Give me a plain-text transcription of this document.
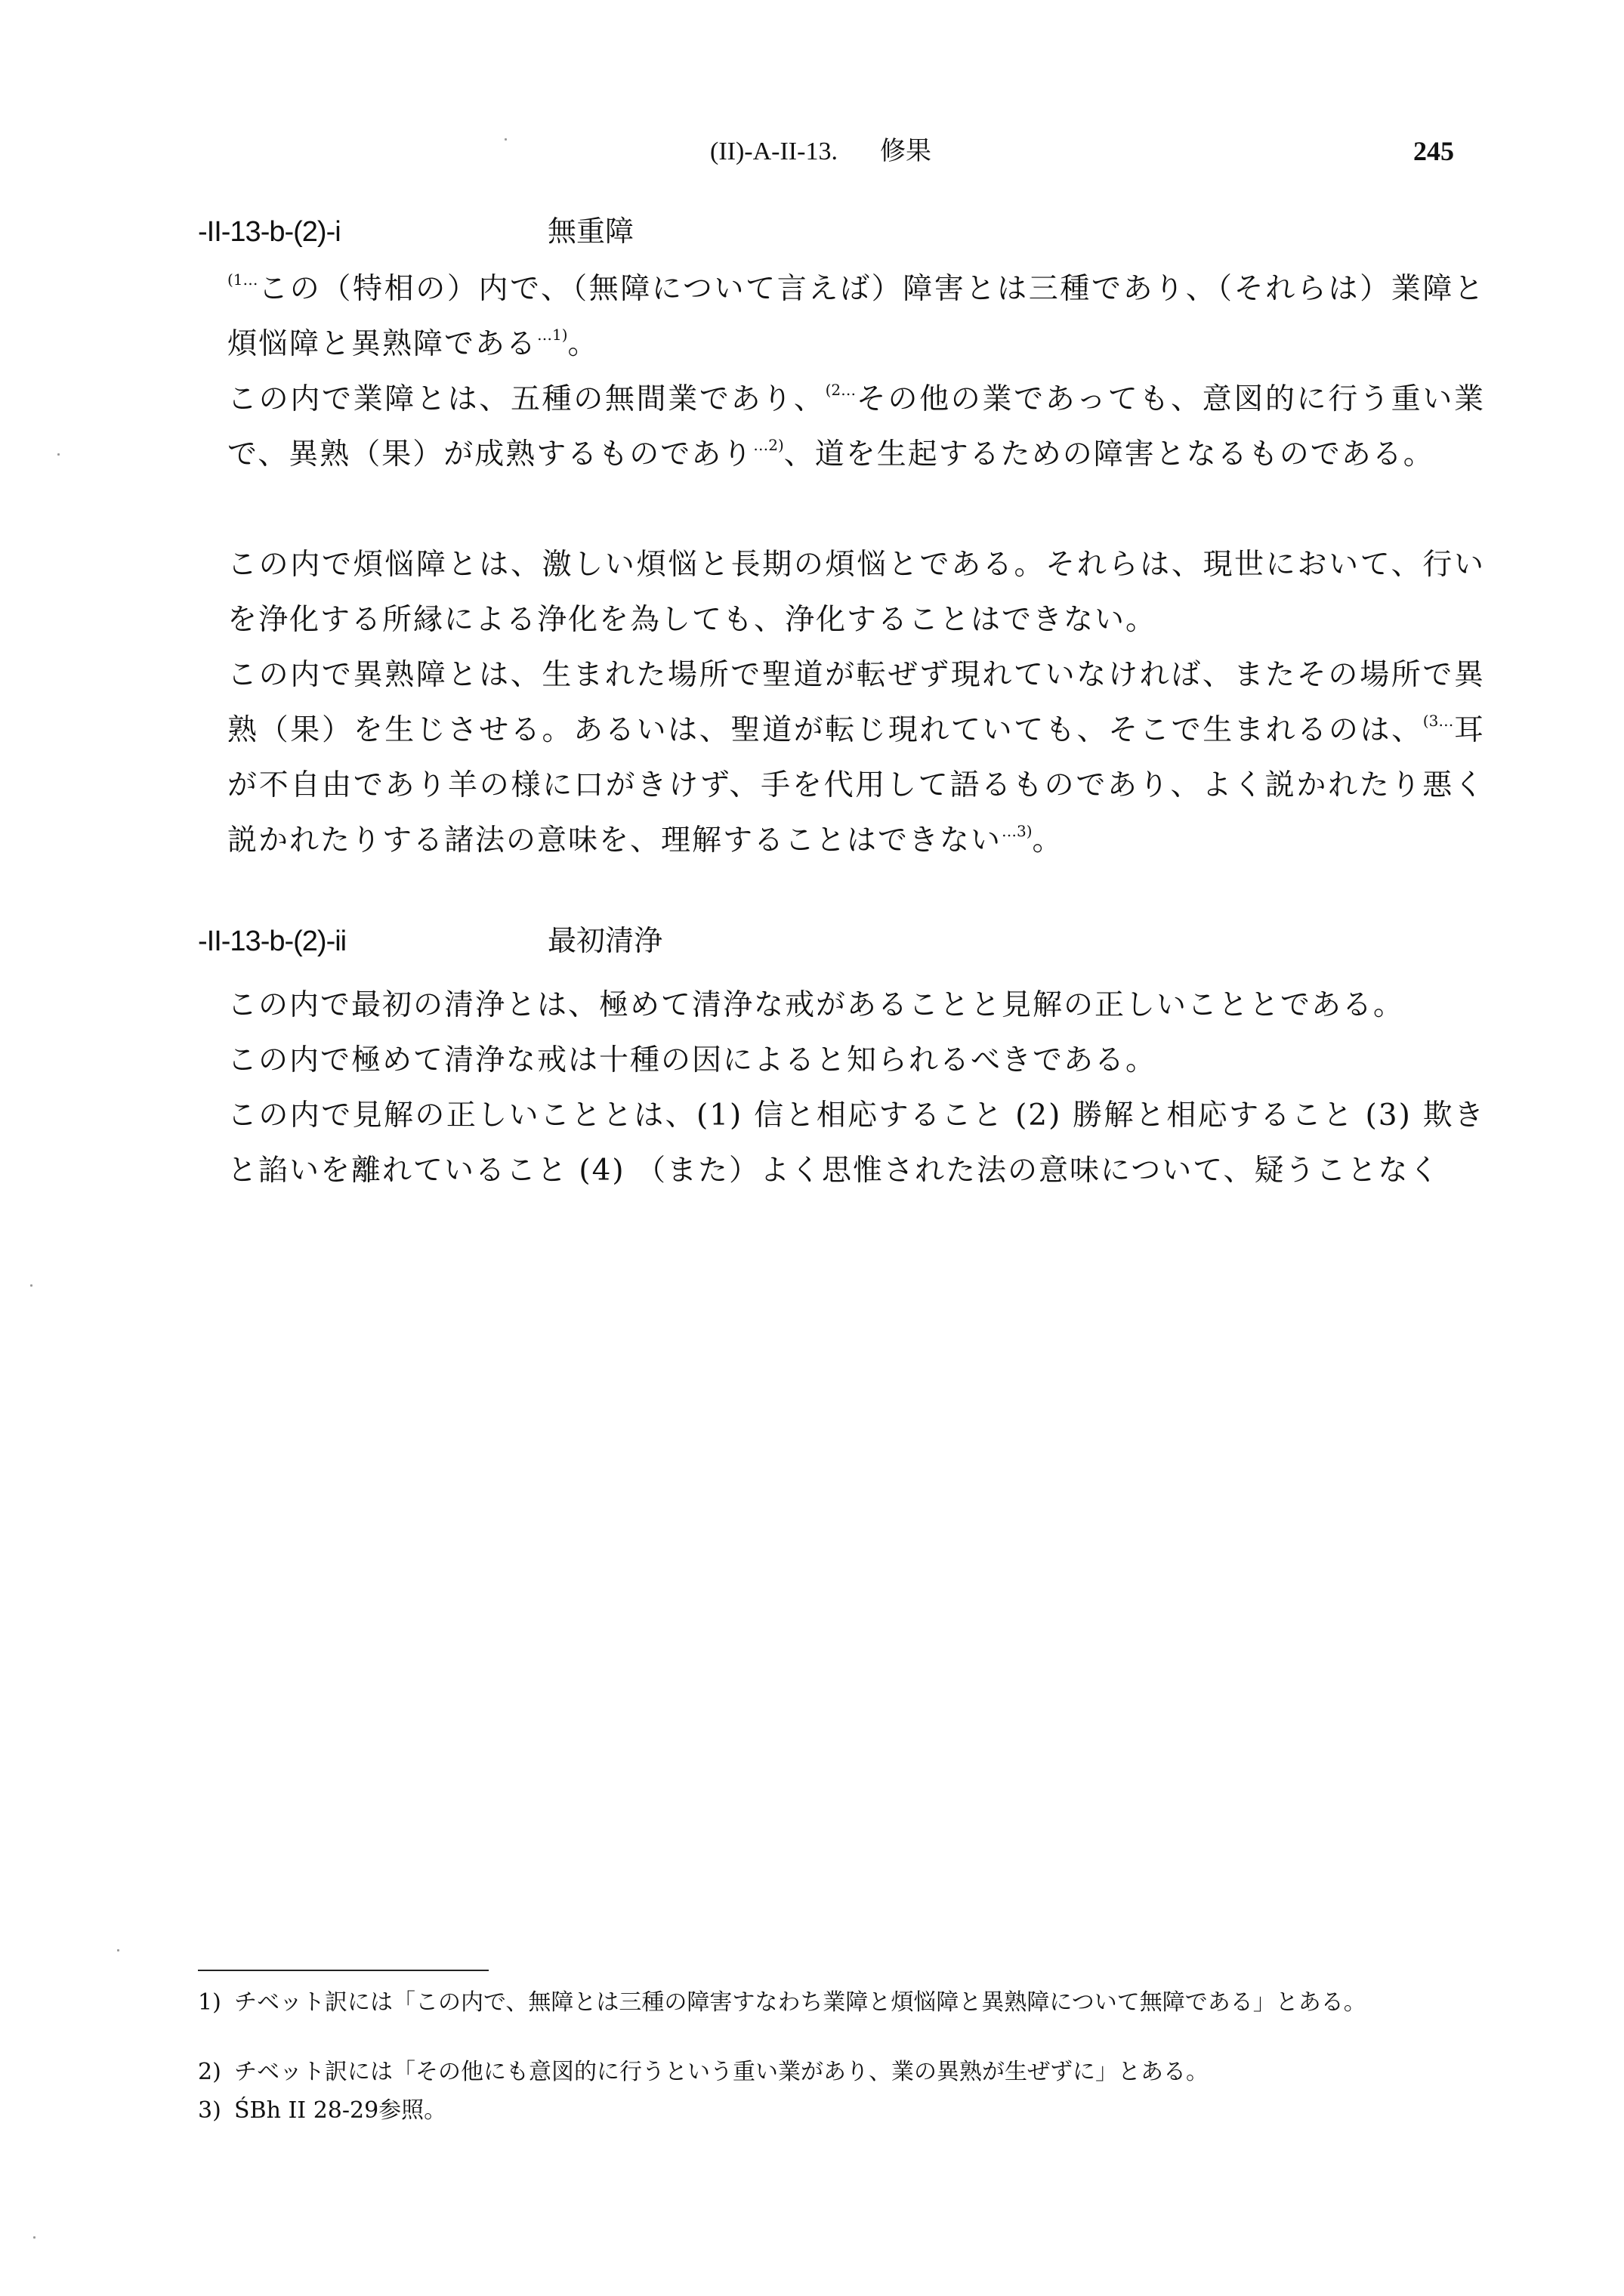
(II)-A-II-13. 修果	245
-II-13-b-(2)-i	無重障
$^{(1\dots}$この（特相の）内で、（無障について言えば）障害とは三種であり、（それらは）業障と煩悩障と異熟障である$^{\dots 1)}$。
この内で業障とは、五種の無間業であり、$^{(2\dots}$その他の業であっても、意図的に行う重い業で、異熟（果）が成熟するものであり$^{\dots 2)}$、道を生起するための障害となるものである。
この内で煩悩障とは、激しい煩悩と長期の煩悩とである。それらは、現世において、行いを浄化する所縁による浄化を為しても、浄化することはできない。
この内で異熟障とは、生まれた場所で聖道が転ぜず現れていなければ、またその場所で異熟（果）を生じさせる。あるいは、聖道が転じ現れていても、そこで生まれるのは、$^{(3\dots}$耳が不自由であり羊の様に口がきけず、手を代用して語るものであり、よく説かれたり悪く説かれたりする諸法の意味を、理解することはできない$^{\dots 3)}$。
-II-13-b-(2)-ii	最初清浄
この内で最初の清浄とは、極めて清浄な戒があることと見解の正しいこととである。
この内で極めて清浄な戒は十種の因によると知られるべきである。
この内で見解の正しいこととは、(1) 信と相応すること (2) 勝解と相応すること (3) 欺きと諂いを離れていること (4) （また）よく思惟された法の意味について、疑うことなく
1) チベット訳には「この内で、無障とは三種の障害すなわち業障と煩悩障と異熟障について無障である」とある。
2) チベット訳には「その他にも意図的に行うという重い業があり、業の異熟が生ぜずに」とある。
3) ŚBh II 28-29参照。
